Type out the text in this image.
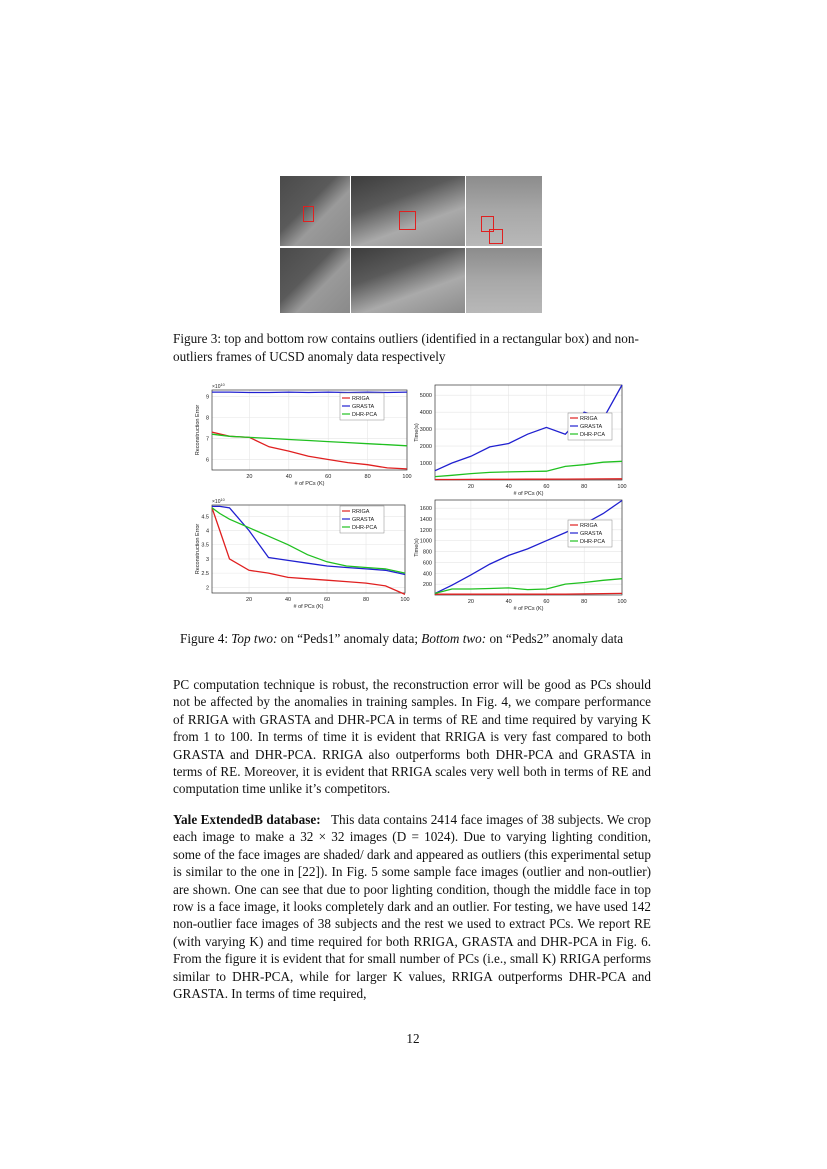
Figure 3: top and bottom row contains outliers (identified in a rectangular box) and non-outliers frames of UCSD anomaly data respectively
20	40	60	80	100
6
7
8
9
# of PCs (K)
Reconstruction Error
$\times 10^{10}$
RRIGA
GRASTA
DHR-PCA
20	40	60	80	100
1000
2000
3000
4000
5000
# of PCs (K)
Time(s)
RRIGA
GRASTA
DHR-PCA
20	40	60	80	100
2
2.5
3
3.5
4
4.5
# of PCs (K)
Reconstruction Error
$\times 10^{10}$
RRIGA
GRASTA
DHR-PCA
20	40	60	80	100
200
400
600
800
1000
1200
1400
1600
# of PCs (K)
Time(s)
RRIGA
GRASTA
DHR-PCA
Figure 4: Top two: on “Peds1” anomaly data; Bottom two: on “Peds2” anomaly data

PC computation technique is robust, the reconstruction error will be good as PCs should not be affected by the anomalies in training samples. In Fig. 4, we compare performance of RRIGA with GRASTA and DHR-PCA in terms of RE and time required by varying K from 1 to 100. In terms of time it is evident that RRIGA is very fast compared to both GRASTA and DHR-PCA. RRIGA also outperforms both DHR-PCA and GRASTA in terms of RE. Moreover, it is evident that RRIGA scales very well both in terms of RE and computation time unlike it’s competitors.

Yale ExtendedB database: This data contains 2414 face images of 38 subjects. We crop each image to make a 32 × 32 images (D = 1024). Due to varying lighting condition, some of the face images are shaded/ dark and appeared as outliers (this experimental setup is similar to the one in [22]). In Fig. 5 some sample face images (outlier and non-outlier) are shown. One can see that due to poor lighting condition, though the middle face in top row is a face image, it looks completely dark and an outlier. For testing, we have used 142 non-outlier face images of 38 subjects and the rest we used to extract PCs. We report RE (with varying K) and time required for both RRIGA, GRASTA and DHR-PCA in Fig. 6. From the figure it is evident that for small number of PCs (i.e., small K) RRIGA performs similar to DHR-PCA, while for larger K values, RRIGA outperforms DHR-PCA and GRASTA. In terms of time required,

12
